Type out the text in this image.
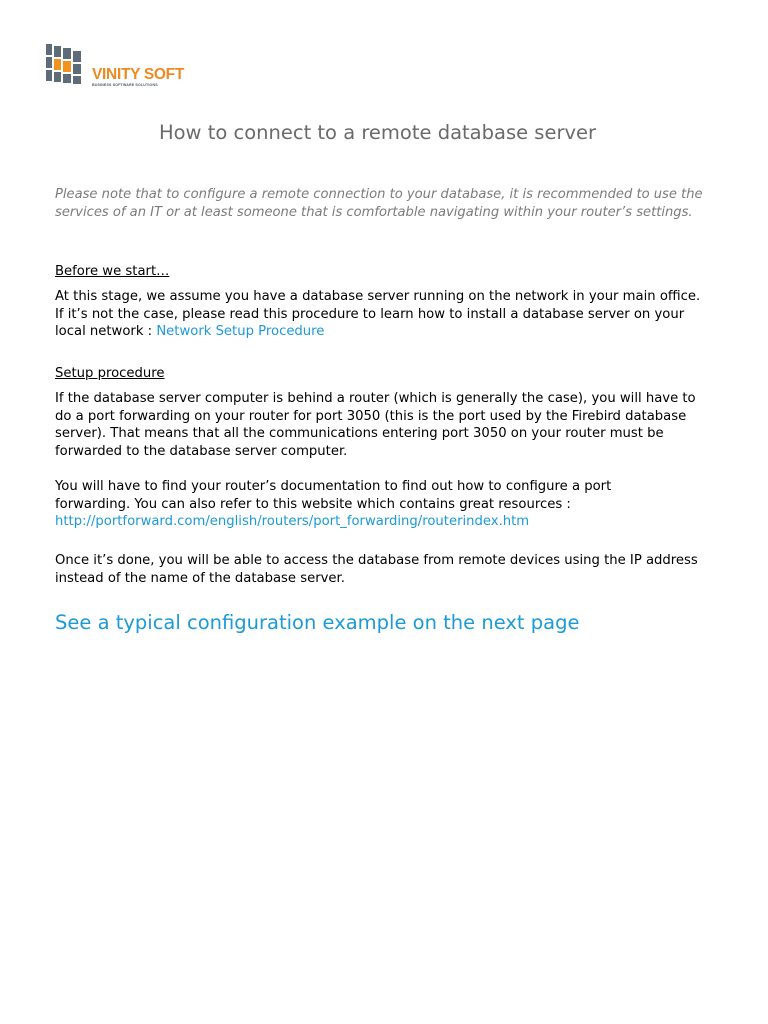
VINITY SOFT
BUSINESS SOFTWARE SOLUTIONS
How to connect to a remote database server
Please note that to configure a remote connection to your database, it is recommended to use the
services of an IT or at least someone that is comfortable navigating within your router’s settings.
Before we start…
At this stage, we assume you have a database server running on the network in your main office.
If it’s not the case, please read this procedure to learn how to install a database server on your
local network : Network Setup Procedure
Setup procedure
If the database server computer is behind a router (which is generally the case), you will have to
do a port forwarding on your router for port 3050 (this is the port used by the Firebird database
server). That means that all the communications entering port 3050 on your router must be
forwarded to the database server computer.
You will have to find your router’s documentation to find out how to configure a port
forwarding. You can also refer to this website which contains great resources :
http://portforward.com/english/routers/port_forwarding/routerindex.htm
Once it’s done, you will be able to access the database from remote devices using the IP address
instead of the name of the database server.
See a typical configuration example on the next page
